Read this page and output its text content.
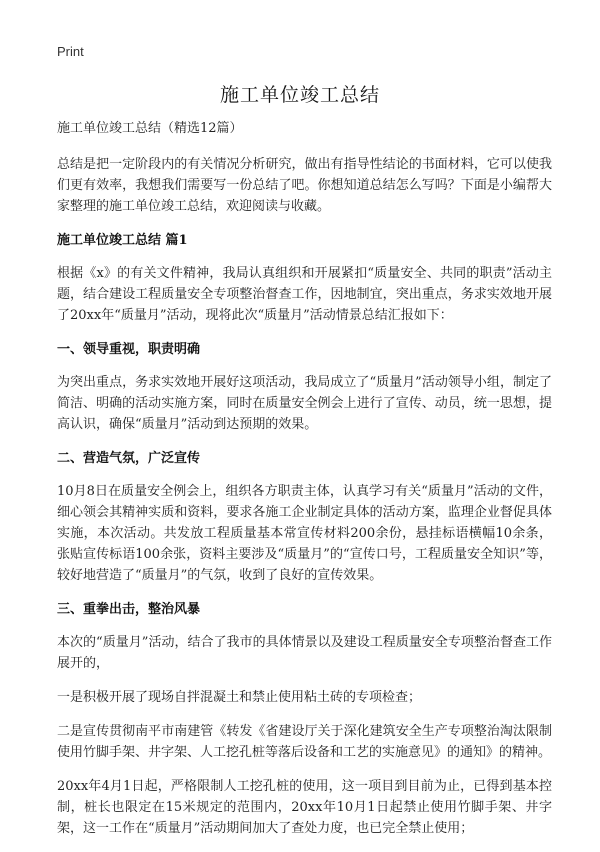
Print
施工单位竣工总结

施工单位竣工总结（精选12篇）

总结是把一定阶段内的有关情况分析研究，做出有指导性结论的书面材料，它可以使我们更有效率，我想我们需要写一份总结了吧。你想知道总结怎么写吗？下面是小编帮大家整理的施工单位竣工总结，欢迎阅读与收藏。

施工单位竣工总结 篇1

根据《x》的有关文件精神，我局认真组织和开展紧扣“质量安全、共同的职责”活动主题，结合建设工程质量安全专项整治督查工作，因地制宜，突出重点，务求实效地开展了20xx年“质量月”活动，现将此次“质量月”活动情景总结汇报如下：

一、领导重视，职责明确

为突出重点，务求实效地开展好这项活动，我局成立了“质量月”活动领导小组，制定了简洁、明确的活动实施方案，同时在质量安全例会上进行了宣传、动员，统一思想，提高认识，确保“质量月”活动到达预期的效果。

二、营造气氛，广泛宣传

10月8日在质量安全例会上，组织各方职责主体，认真学习有关“质量月”活动的文件，细心领会其精神实质和资料，要求各施工企业制定具体的活动方案，监理企业督促具体实施，本次活动。共发放工程质量基本常宣传材料200余份，悬挂标语横幅10余条，张贴宣传标语100余张，资料主要涉及“质量月”的“宣传口号，工程质量安全知识”等，较好地营造了“质量月”的气氛，收到了良好的宣传效果。

三、重拳出击，整治风暴

本次的“质量月”活动，结合了我市的具体情景以及建设工程质量安全专项整治督查工作展开的，

一是积极开展了现场自拌混凝土和禁止使用粘土砖的专项检查；

二是宣传贯彻南平市南建管《转发《省建设厅关于深化建筑安全生产专项整治淘汰限制使用竹脚手架、井字架、人工挖孔桩等落后设备和工艺的实施意见》的通知》的精神。

20xx年4月1日起，严格限制人工挖孔桩的使用，这一项目到目前为止，已得到基本控制，桩长也限定在15米规定的范围内，20xx年10月1日起禁止使用竹脚手架、井字架，这一工作在“质量月”活动期间加大了查处力度，也已完全禁止使用；
